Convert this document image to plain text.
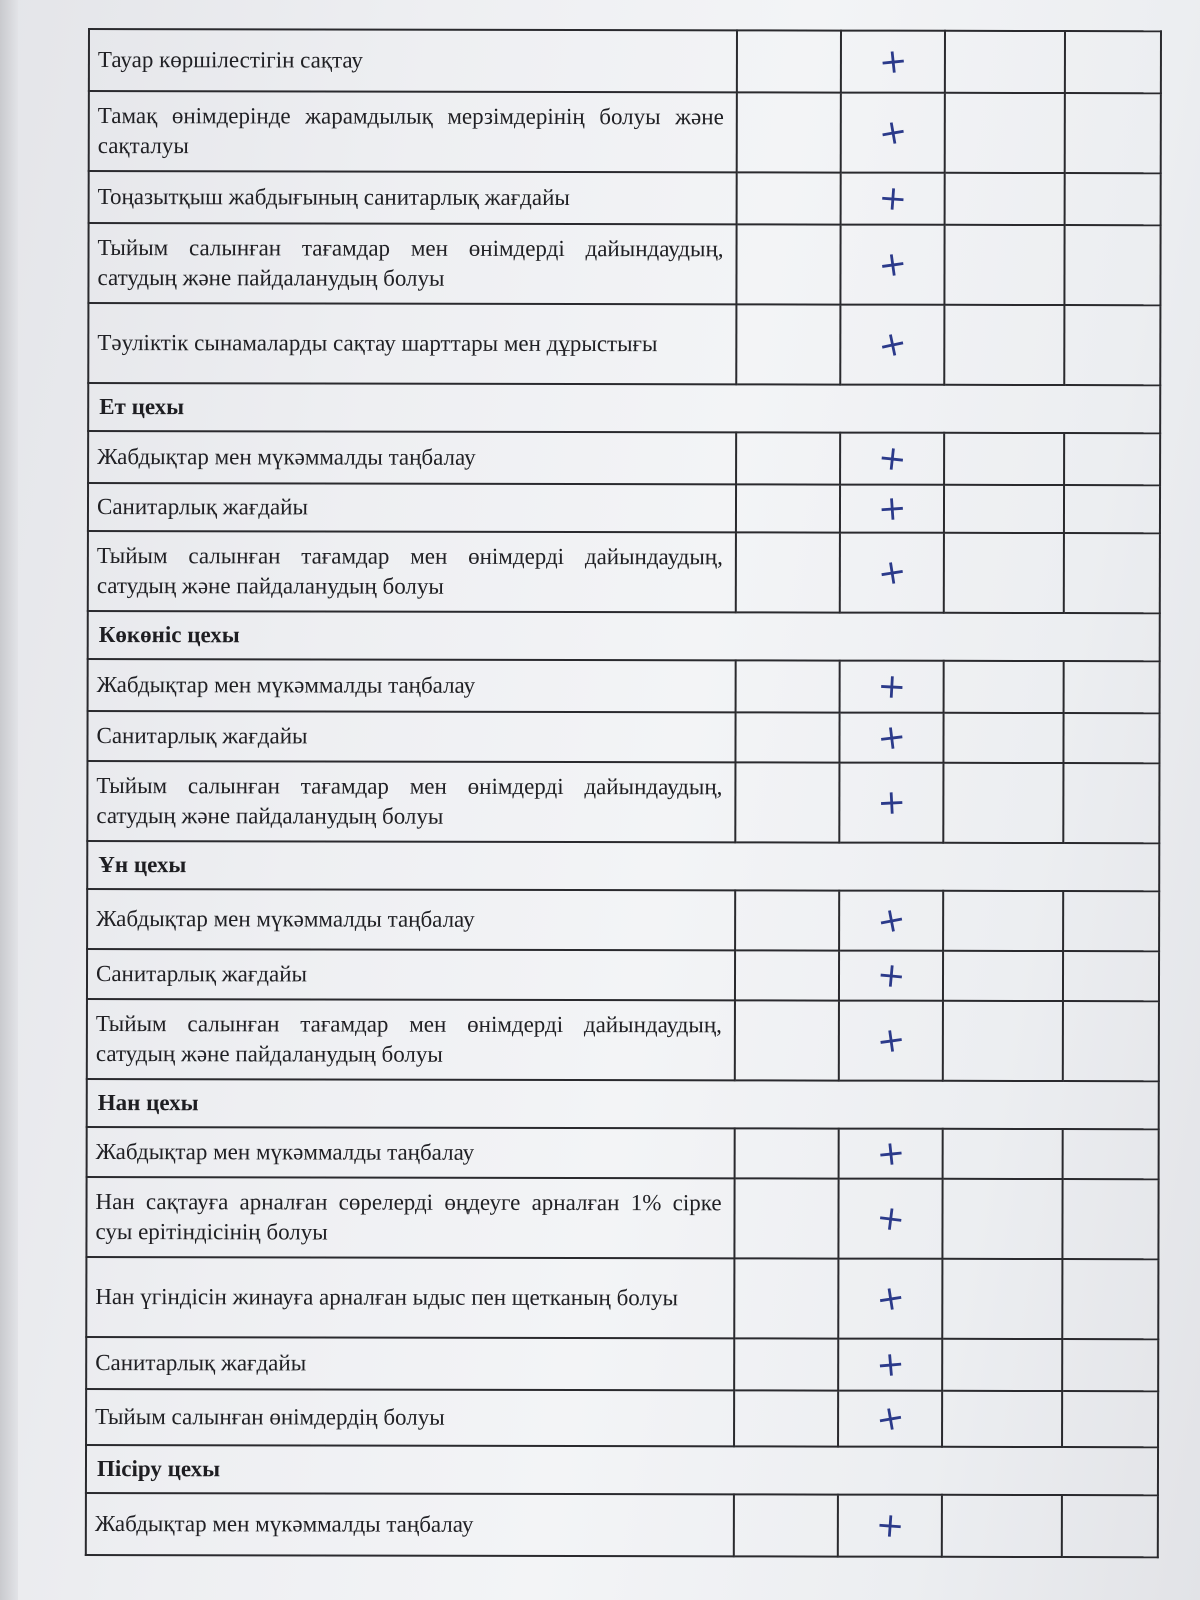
Тауар көршілестігін сақтау		+		
Тамақ өнімдерінде жарамдылық мерзімдерінің болуы және сақталуы		+		
Тоңазытқыш жабдығының санитарлық жағдайы		+		
Тыйым салынған тағамдар мен өнімдерді дайындаудың, сатудың және пайдаланудың болуы		+		
Тәуліктік сынамаларды сақтау шарттары мен дұрыстығы		+		
Ет цехы				
Жабдықтар мен мүкәммалды таңбалау		+		
Санитарлық жағдайы		+		
Тыйым салынған тағамдар мен өнімдерді дайындаудың, сатудың және пайдаланудың болуы		+		
Көкөніс цехы				
Жабдықтар мен мүкәммалды таңбалау		+		
Санитарлық жағдайы		+		
Тыйым салынған тағамдар мен өнімдерді дайындаудың, сатудың және пайдаланудың болуы		+		
Ұн цехы				
Жабдықтар мен мүкәммалды таңбалау		+		
Санитарлық жағдайы		+		
Тыйым салынған тағамдар мен өнімдерді дайындаудың, сатудың және пайдаланудың болуы		+		
Нан цехы				
Жабдықтар мен мүкәммалды таңбалау		+		
Нан сақтауға арналған сөрелерді өңдеуге арналған 1% сірке суы ерітіндісінің болуы		+		
Нан үгіндісін жинауға арналған ыдыс пен щетканың болуы		+		
Санитарлық жағдайы		+		
Тыйым салынған өнімдердің болуы		+		
Пісіру цехы				
Жабдықтар мен мүкәммалды таңбалау		+		
